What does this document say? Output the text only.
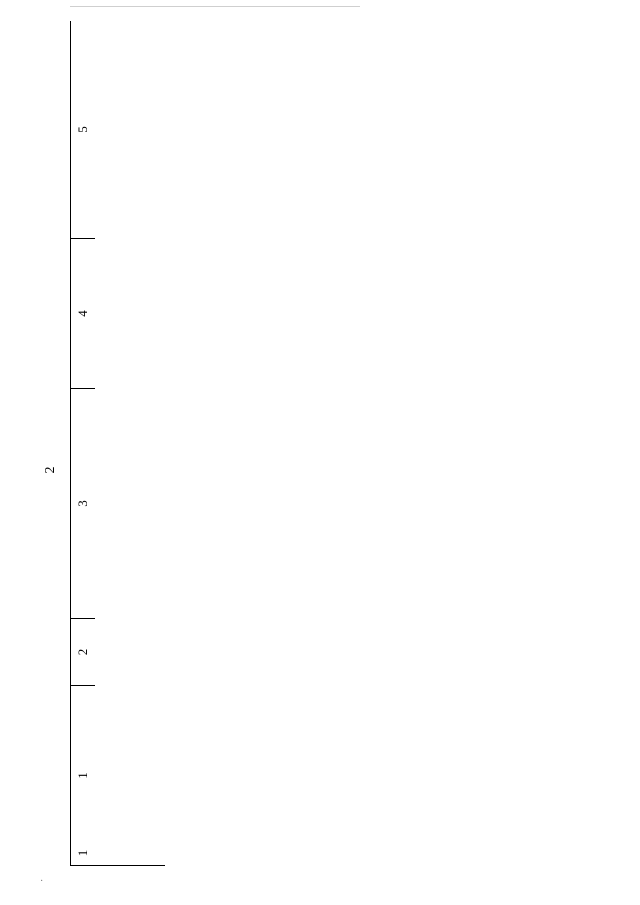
2
·
1
1
2
3
4
5
